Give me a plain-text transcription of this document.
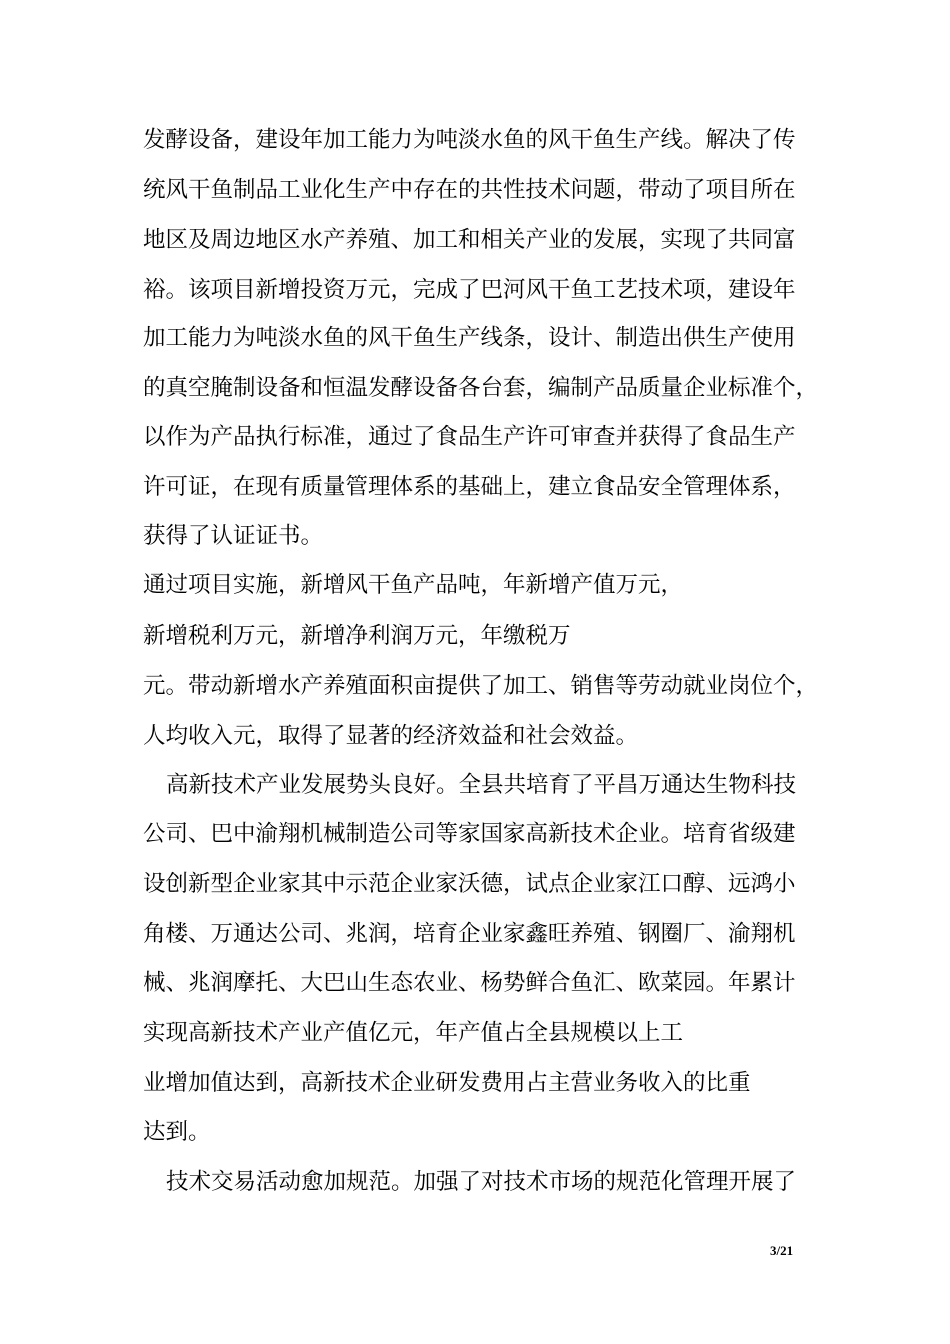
发酵设备，建设年加工能力为吨淡水鱼的风干鱼生产线。解决了传
统风干鱼制品工业化生产中存在的共性技术问题，带动了项目所在
地区及周边地区水产养殖、加工和相关产业的发展，实现了共同富
裕。该项目新增投资万元，完成了巴河风干鱼工艺技术项，建设年
加工能力为吨淡水鱼的风干鱼生产线条，设计、制造出供生产使用
的真空腌制设备和恒温发酵设备各台套，编制产品质量企业标准个，
以作为产品执行标准，通过了食品生产许可审查并获得了食品生产
许可证，在现有质量管理体系的基础上，建立食品安全管理体系，
获得了认证证书。
通过项目实施，新增风干鱼产品吨，年新增产值万元，
新增税利万元，新增净利润万元，年缴税万
元。带动新增水产养殖面积亩提供了加工、销售等劳动就业岗位个，
人均收入元，取得了显著的经济效益和社会效益。
高新技术产业发展势头良好。全县共培育了平昌万通达生物科技
公司、巴中渝翔机械制造公司等家国家高新技术企业。培育省级建
设创新型企业家其中示范企业家沃德，试点企业家江口醇、远鸿小
角楼、万通达公司、兆润，培育企业家鑫旺养殖、钢圈厂、渝翔机
械、兆润摩托、大巴山生态农业、杨势鲜合鱼汇、欧菜园。年累计
实现高新技术产业产值亿元，年产值占全县规模以上工
业增加值达到，高新技术企业研发费用占主营业务收入的比重
达到。
技术交易活动愈加规范。加强了对技术市场的规范化管理开展了
3/21
